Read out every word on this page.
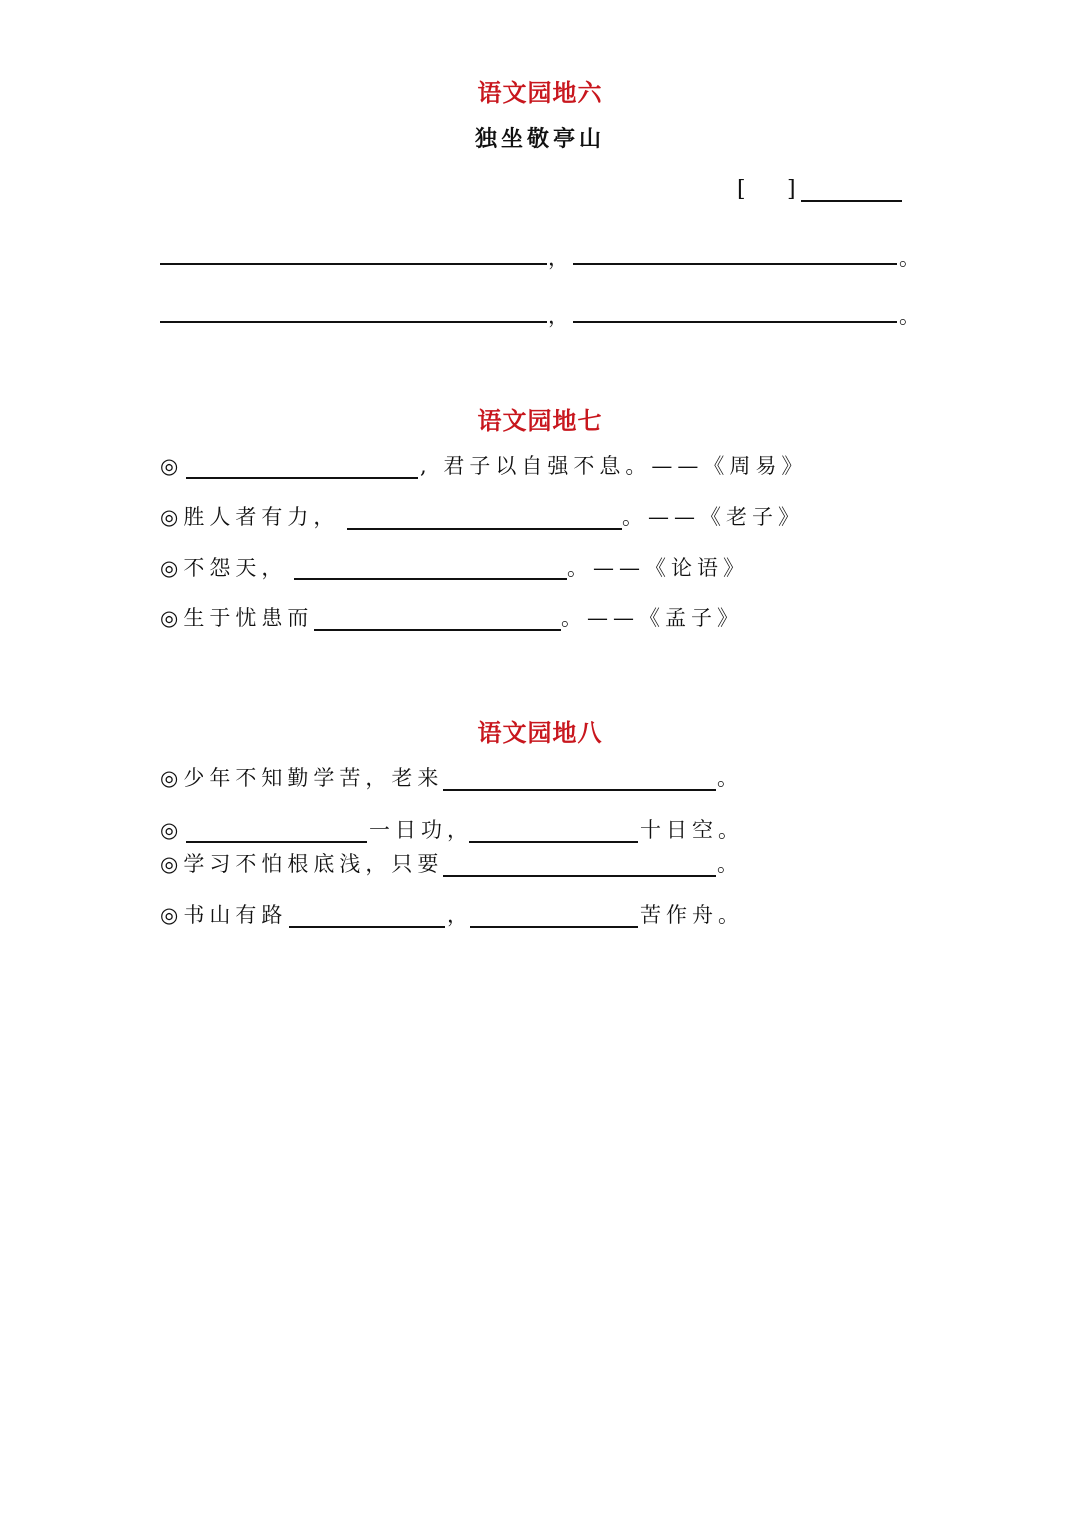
语文园地六
独坐敬亭山
[ ]
，	。
，	。
语文园地七
◎	, 君子以自强不息。——《周易》
◎胜人者有力，	。——《老子》
◎不怨天，	。——《论语》
◎生于忧患而	。——《孟子》
语文园地八
◎少年不知勤学苦，老来	。
◎	一日功，	十日空。
◎学习不怕根底浅，只要	。
◎书山有路	，	苦作舟。
